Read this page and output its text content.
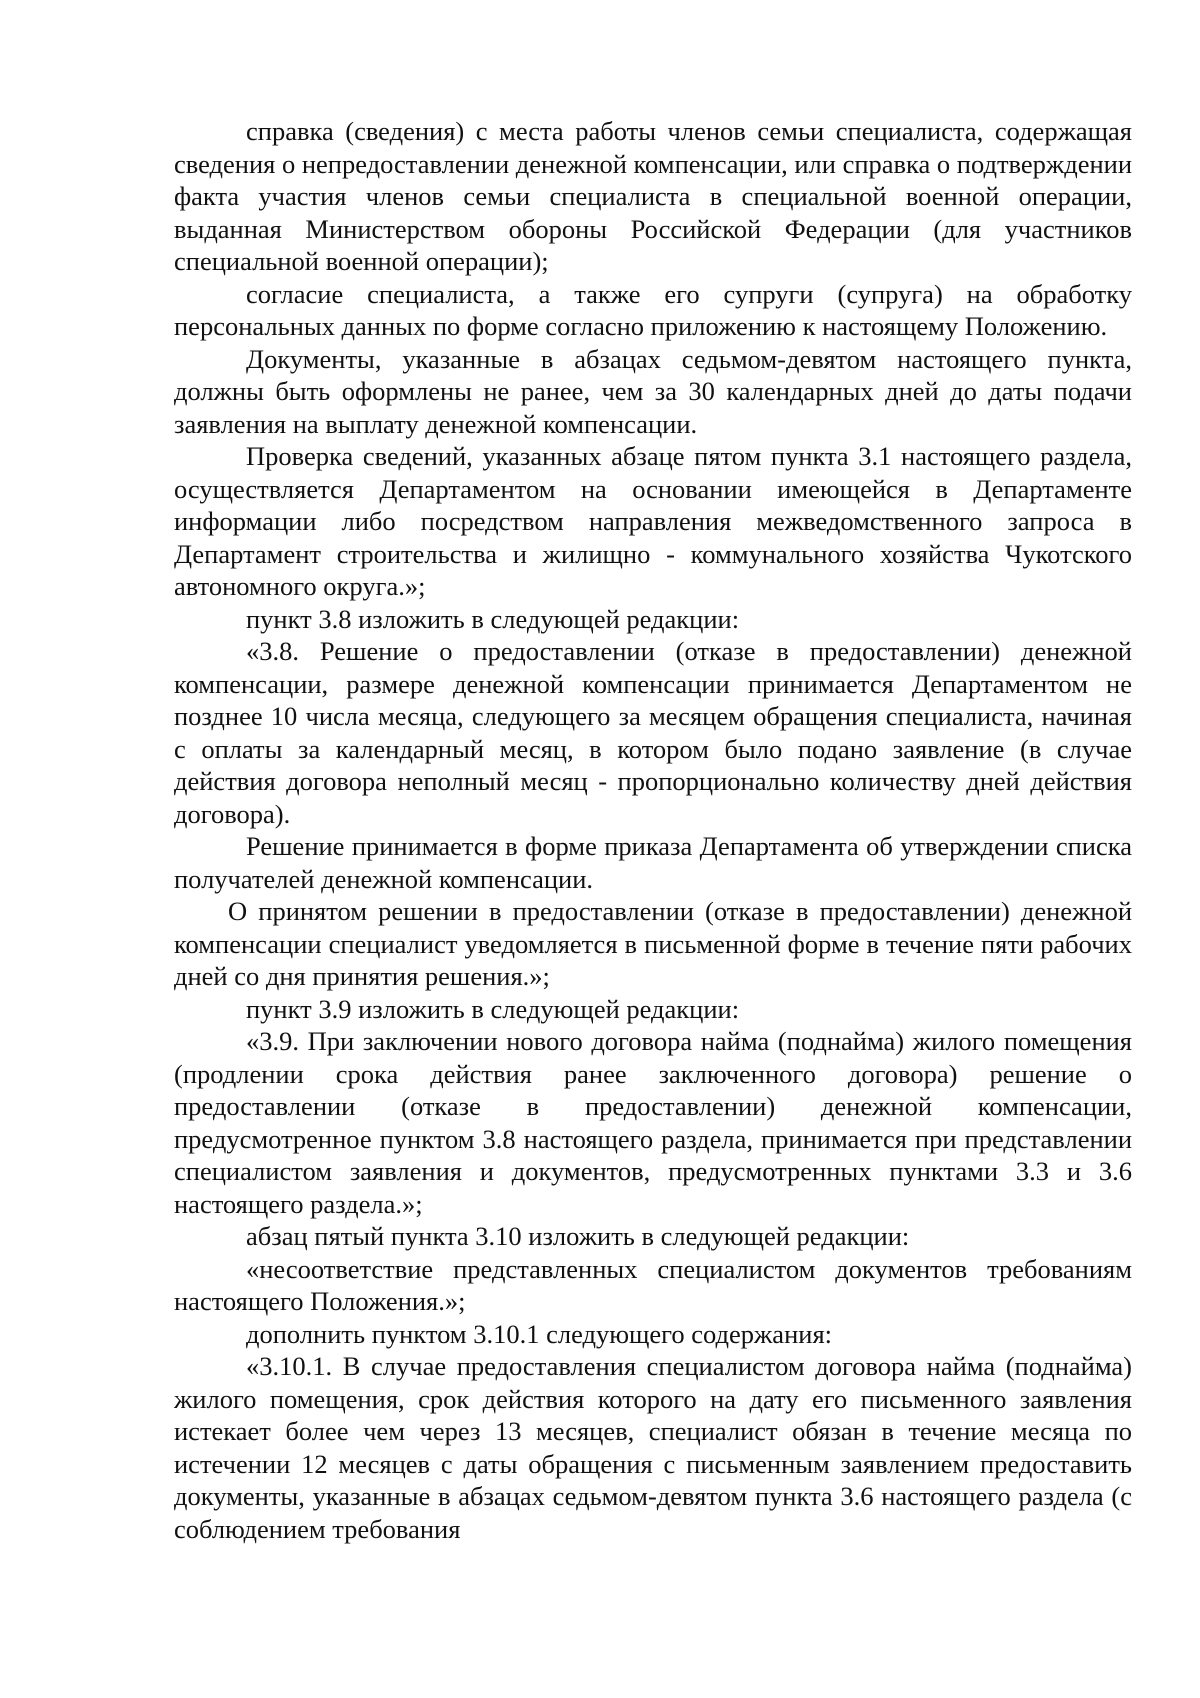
справка (сведения) с места работы членов семьи специалиста, содержащая сведения о непредоставлении денежной компенсации, или справка о подтверждении факта участия членов семьи специалиста в специальной военной операции, выданная Министерством обороны Российской Федерации (для участников специальной военной операции);

согласие специалиста, а также его супруги (супруга) на обработку персональных данных по форме согласно приложению к настоящему Положению.

Документы, указанные в абзацах седьмом-девятом настоящего пункта, должны быть оформлены не ранее, чем за 30 календарных дней до даты подачи заявления на выплату денежной компенсации.

Проверка сведений, указанных абзаце пятом пункта 3.1 настоящего раздела, осуществляется Департаментом на основании имеющейся в Департаменте информации либо посредством направления межведомственного запроса в Департамент строительства и жилищно - коммунального хозяйства Чукотского автономного округа.»;

пункт 3.8 изложить в следующей редакции:

«3.8. Решение о предоставлении (отказе в предоставлении) денежной компенсации, размере денежной компенсации принимается Департаментом не позднее 10 числа месяца, следующего за месяцем обращения специалиста, начиная с оплаты за календарный месяц, в котором было подано заявление (в случае действия договора неполный месяц - пропорционально количеству дней действия договора).

Решение принимается в форме приказа Департамента об утверждении списка получателей денежной компенсации.

О принятом решении в предоставлении (отказе в предоставлении) денежной компенсации специалист уведомляется в письменной форме в течение пяти рабочих дней со дня принятия решения.»;

пункт 3.9 изложить в следующей редакции:

«3.9. При заключении нового договора найма (поднайма) жилого помещения (продлении срока действия ранее заключенного договора) решение о предоставлении (отказе в предоставлении) денежной компенсации, предусмотренное пунктом 3.8 настоящего раздела, принимается при представлении специалистом заявления и документов, предусмотренных пунктами 3.3 и 3.6 настоящего раздела.»;

абзац пятый пункта 3.10 изложить в следующей редакции:

«несоответствие представленных специалистом документов требованиям настоящего Положения.»;

дополнить пунктом 3.10.1 следующего содержания:

«3.10.1. В случае предоставления специалистом договора найма (поднайма) жилого помещения, срок действия которого на дату его письменного заявления истекает более чем через 13 месяцев, специалист обязан в течение месяца по истечении 12 месяцев с даты обращения с письменным заявлением предоставить документы, указанные в абзацах седьмом-девятом пункта 3.6 настоящего раздела (с соблюдением требования
